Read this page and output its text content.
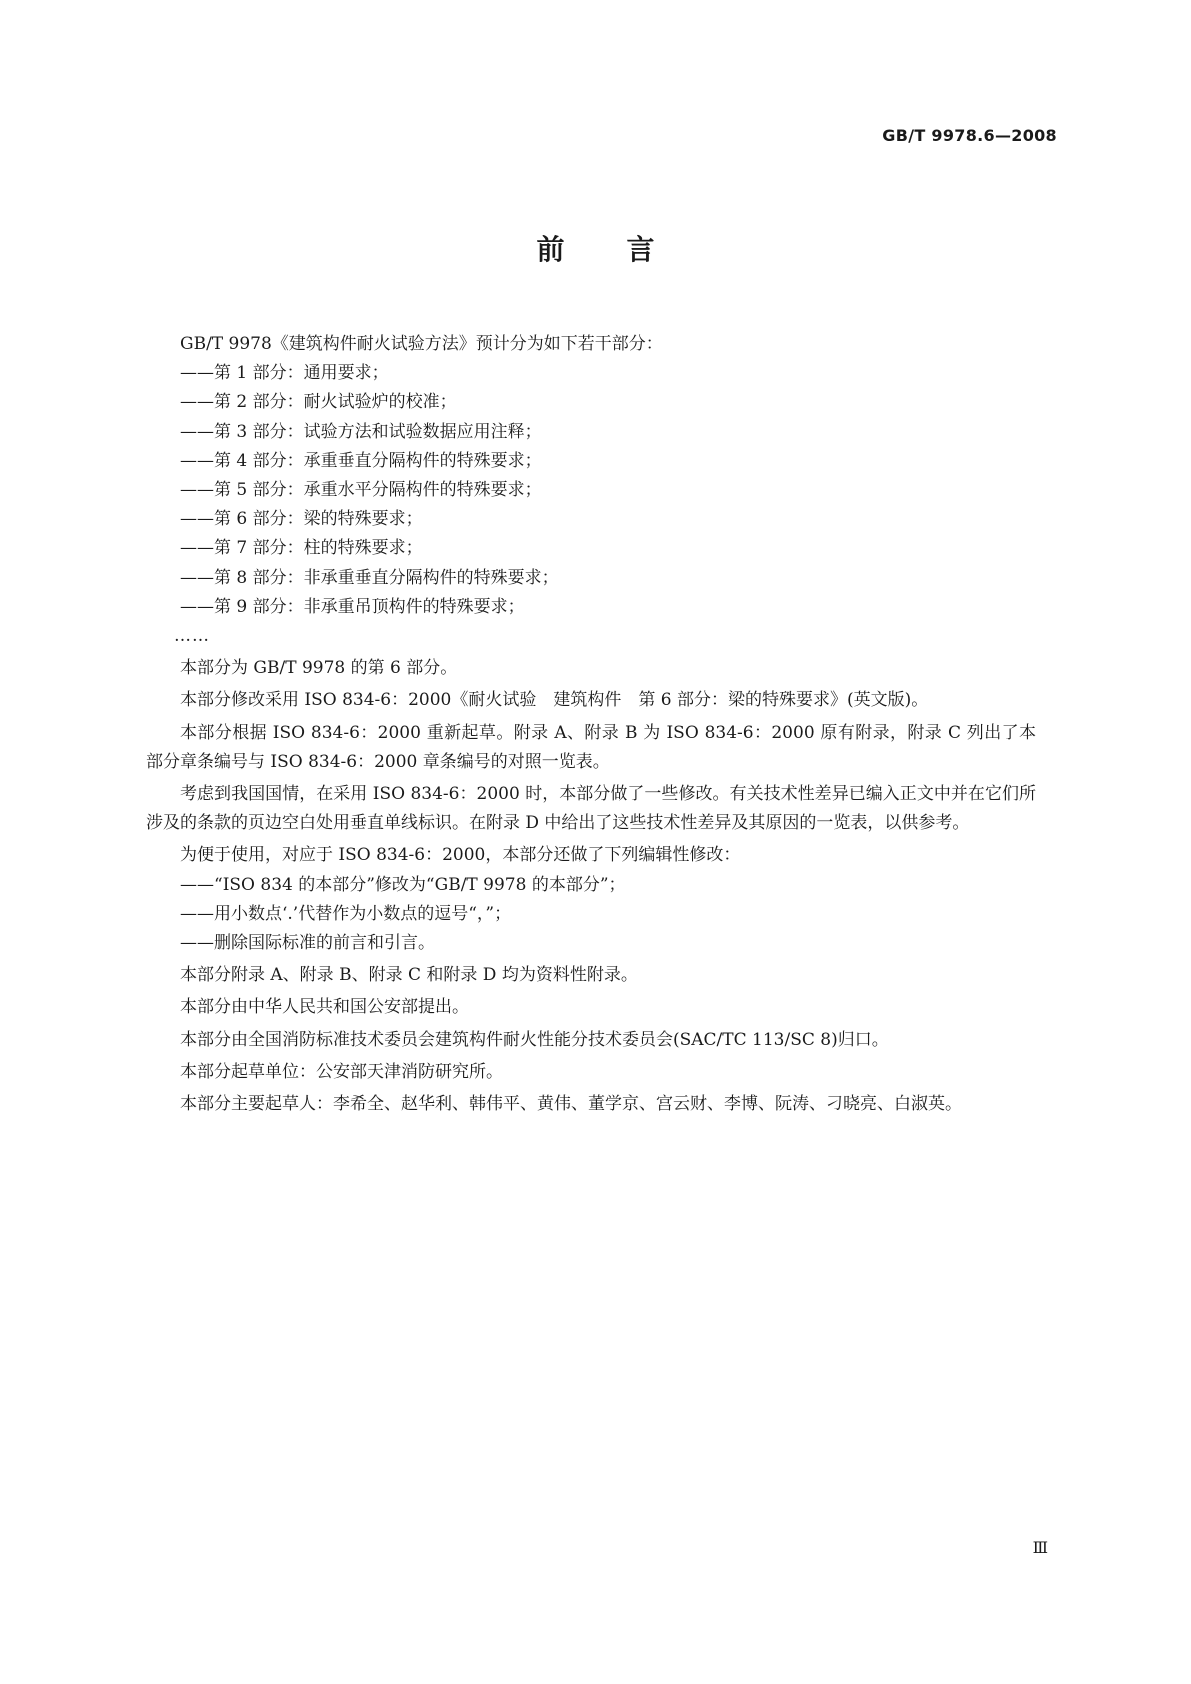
GB/T 9978.6—2008
前 言

GB/T 9978《建筑构件耐火试验方法》预计分为如下若干部分：

——第 1 部分：通用要求；

——第 2 部分：耐火试验炉的校准；

——第 3 部分：试验方法和试验数据应用注释；

——第 4 部分：承重垂直分隔构件的特殊要求；

——第 5 部分：承重水平分隔构件的特殊要求；

——第 6 部分：梁的特殊要求；

——第 7 部分：柱的特殊要求；

——第 8 部分：非承重垂直分隔构件的特殊要求；

——第 9 部分：非承重吊顶构件的特殊要求；

……

本部分为 GB/T 9978 的第 6 部分。

本部分修改采用 ISO 834-6：2000《耐火试验　建筑构件　第 6 部分：梁的特殊要求》(英文版)。

本部分根据 ISO 834-6：2000 重新起草。附录 A、附录 B 为 ISO 834-6：2000 原有附录，附录 C 列出了本部分章条编号与 ISO 834-6：2000 章条编号的对照一览表。

考虑到我国国情，在采用 ISO 834-6：2000 时，本部分做了一些修改。有关技术性差异已编入正文中并在它们所涉及的条款的页边空白处用垂直单线标识。在附录 D 中给出了这些技术性差异及其原因的一览表，以供参考。

为便于使用，对应于 ISO 834-6：2000，本部分还做了下列编辑性修改：

——“ISO 834 的本部分”修改为“GB/T 9978 的本部分”；

——用小数点‘.’代替作为小数点的逗号“，”；

——删除国际标准的前言和引言。

本部分附录 A、附录 B、附录 C 和附录 D 均为资料性附录。

本部分由中华人民共和国公安部提出。

本部分由全国消防标准技术委员会建筑构件耐火性能分技术委员会(SAC/TC 113/SC 8)归口。

本部分起草单位：公安部天津消防研究所。

本部分主要起草人：李希全、赵华利、韩伟平、黄伟、董学京、宫云财、李博、阮涛、刁晓亮、白淑英。

Ⅲ
